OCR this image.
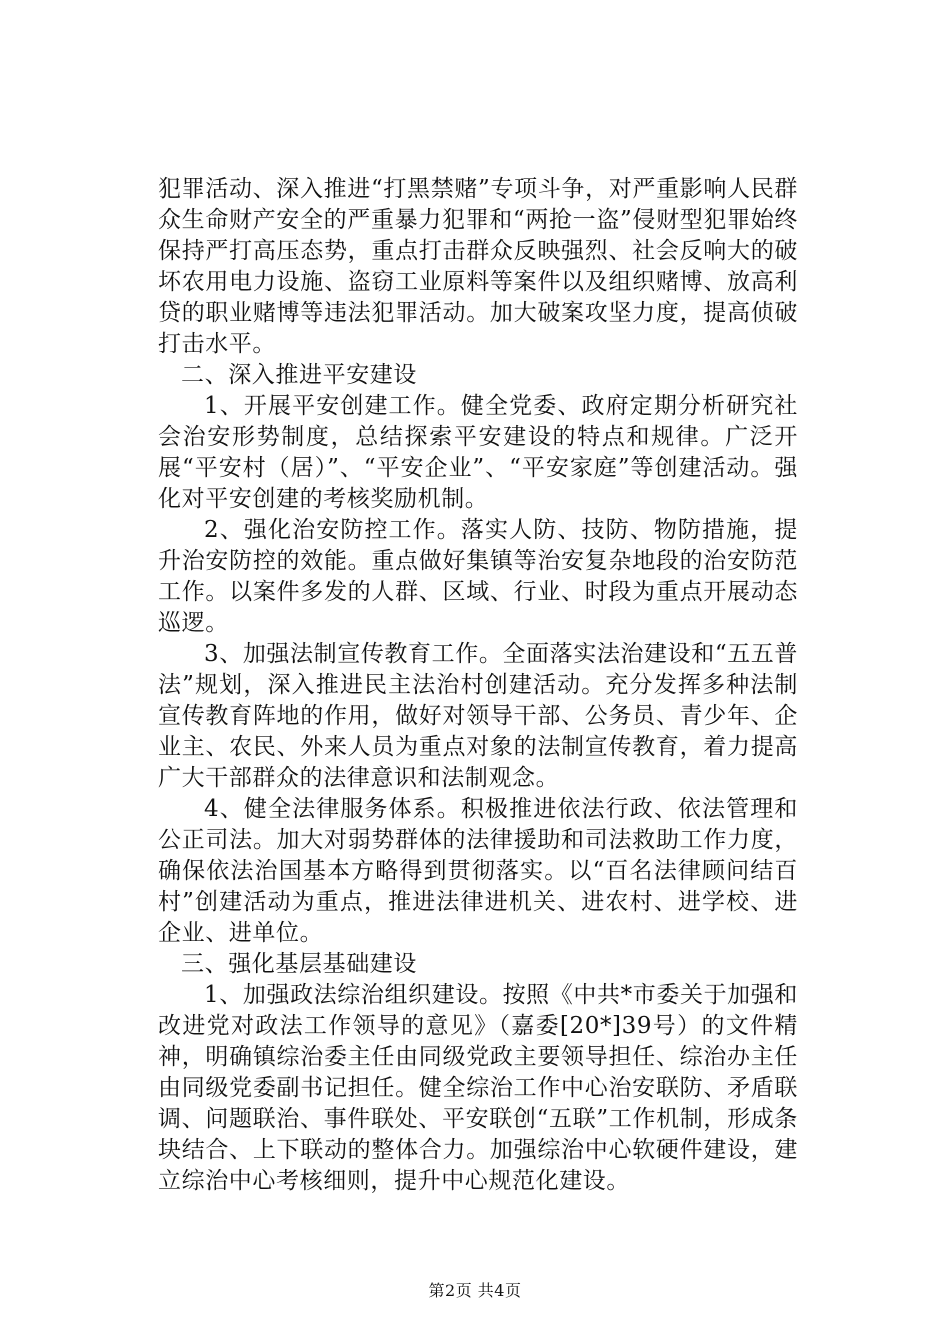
犯罪活动、深入推进“打黑禁赌”专项斗争，对严重影响人民群众生命财产安全的严重暴力犯罪和“两抢一盗”侵财型犯罪始终保持严打高压态势，重点打击群众反映强烈、社会反响大的破坏农用电力设施、盗窃工业原料等案件以及组织赌博、放高利贷的职业赌博等违法犯罪活动。加大破案攻坚力度，提高侦破打击水平。

二、深入推进平安建设

1、开展平安创建工作。健全党委、政府定期分析研究社会治安形势制度，总结探索平安建设的特点和规律。广泛开展“平安村（居）”、“平安企业”、“平安家庭”等创建活动。强化对平安创建的考核奖励机制。

2、强化治安防控工作。落实人防、技防、物防措施，提升治安防控的效能。重点做好集镇等治安复杂地段的治安防范工作。以案件多发的人群、区域、行业、时段为重点开展动态巡逻。

3、加强法制宣传教育工作。全面落实法治建设和“五五普法”规划，深入推进民主法治村创建活动。充分发挥多种法制宣传教育阵地的作用，做好对领导干部、公务员、青少年、企业主、农民、外来人员为重点对象的法制宣传教育，着力提高广大干部群众的法律意识和法制观念。

4、健全法律服务体系。积极推进依法行政、依法管理和公正司法。加大对弱势群体的法律援助和司法救助工作力度，确保依法治国基本方略得到贯彻落实。以“百名法律顾问结百村”创建活动为重点，推进法律进机关、进农村、进学校、进企业、进单位。

三、强化基层基础建设

1、加强政法综治组织建设。按照《中共*市委关于加强和改进党对政法工作领导的意见》（嘉委[20*]39号）的文件精神，明确镇综治委主任由同级党政主要领导担任、综治办主任由同级党委副书记担任。健全综治工作中心治安联防、矛盾联调、问题联治、事件联处、平安联创“五联”工作机制，形成条块结合、上下联动的整体合力。加强综治中心软硬件建设，建立综治中心考核细则，提升中心规范化建设。

第2页 共4页
